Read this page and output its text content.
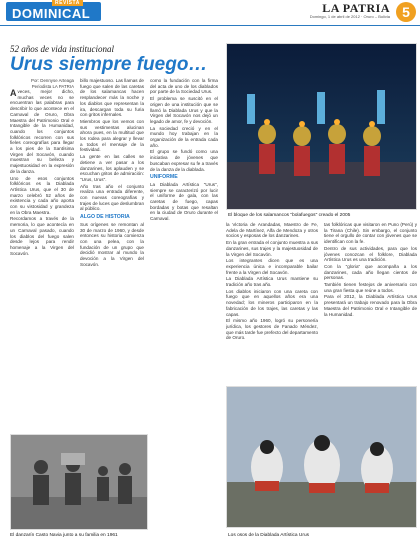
REVISTA
DOMINICAL	LA PATRIA
Domingo, 1 de abril de 2012 · Oruro – Bolivia 5
52 años de vida institucional
Urus siempre fuego…
El bloque de los salamancos "bolafuegos" creado el 2005
Por: Dennyse Arteaga
Periodista LA PATRIA

Aveces, mejor dicho, muchas veces no se encuentran las palabras para describir lo que acontece en el Carnaval de Oruro, Obra Maestra del Patrimonio Oral e Intangible de la Humanidad, cuando los conjuntos folklóricos recorren con sus fieles coreografías para llegar a los pies de la Santísima Virgen del Socavón, cuando muestran su belleza y majestuosidad en la expresión de la danza.

Uno de esos conjuntos folklóricos es la Diablada Artística Urus, que el 30 de marzo celebró 52 años de existencia y cada año aporta con su vistosidad y grandeza en la Obra Maestra.

Recordamos a través de la memoria, lo que acontecía en un Carnaval pasado, cuando los diablos del fuego salen desde lejos para rendir homenaje a la Virgen del Socavón.

billo majestuoso. Las llamas de fuego que salen de las caretas de los salamancas hacen resplandecer más la noche y los diablos que representan la ira, descargan toda su furia con gritos infernales.

Miembros que los vemos con sus vestimentas alucinan ahora pues, en la multitud que los rodea para alegrar y llevar a todos el mensaje de la festividad.

La gente en las calles se detiene a ver pasar a los danzarines, los aplauden y se escuchan gritos de admiración: "Urus, Urus".

Año tras año el conjunto realiza una entrada diferente, con nuevas coreografías y trajes de luces que deslumbran al público.

ALGO DE HISTORIA

Sus orígenes se remontan al 30 de marzo de 1960, y desde entonces su historia comienza con una pelea, con la fundación de un grupo que decidió mostrar al mundo la devoción a la Virgen del Socavón.

como la fundación con la firma del acta de uno de los diablados por parte de la Sociedad Urus.

El problema se suscitó en el origen de una institución que se llamó la Diablada Urus y que la Virgen del Socavón nos dejó un legado de amor, fe y devoción.

La sociedad creció y en el mundo hoy trabajan en la organización de la entrada cada año.

El grupo se fundó como una iniciativa de jóvenes que buscaban expresar su fe a través de la danza de la diablada.

UNIFORME

La Diablada Artística "Urus", siempre se caracterizó por lucir el uniforme de gala, con las caretas de fuego, capas bordadas y botas que resaltan en la ciudad de Oruro durante el Carnaval.

la Victoria de Arandadas, Maestro de Fe, Adela de Martínez, Alfa de Mendoza y otros socios y esposas de los danzarines.

En la gran entrada el conjunto muestra a sus danzarines, sus trajes y la majestuosidad de la Virgen del Socavón.

Los integrantes dicen que es una experiencia única e incomparable bailar frente a la Virgen del Socavón.

La Diablada Artística Urus mantiene su tradición año tras año.

Los diablos iniciaron con una careta con fuego que en aquellos años era una novedad; los mineros participaron en la fabricación de los trajes, las caretas y las capas.

El mismo año 1960, logró su personería jurídica, los gestores de Fanado Méndez, que más tarde fue prefecto del departamento de Oruro.

tas folklóricas que visitaron en Puno (Perú) y la Tirana (Chile). Sin embargo, el conjunto tiene el orgullo de contar con jóvenes que se identifican con la fe.

Dentro de sus actividades, para que los jóvenes conozcan el folklore, Diablada Artística Urus es una tradición.

Con la "gloria" que acompaña a los danzarines, cada año llegan cientos de personas.

También tienen festejos de aniversario con una gran fiesta que reúne a todos.

Para el 2012, la Diablada Artística Urus presentará un trabajo renovado para la Obra Maestra del Patrimonio Oral e Intangible de la Humanidad.

El danzarín Casto Navia junto a su familia en 1961	Los osos de la Diablada Artística Urus
